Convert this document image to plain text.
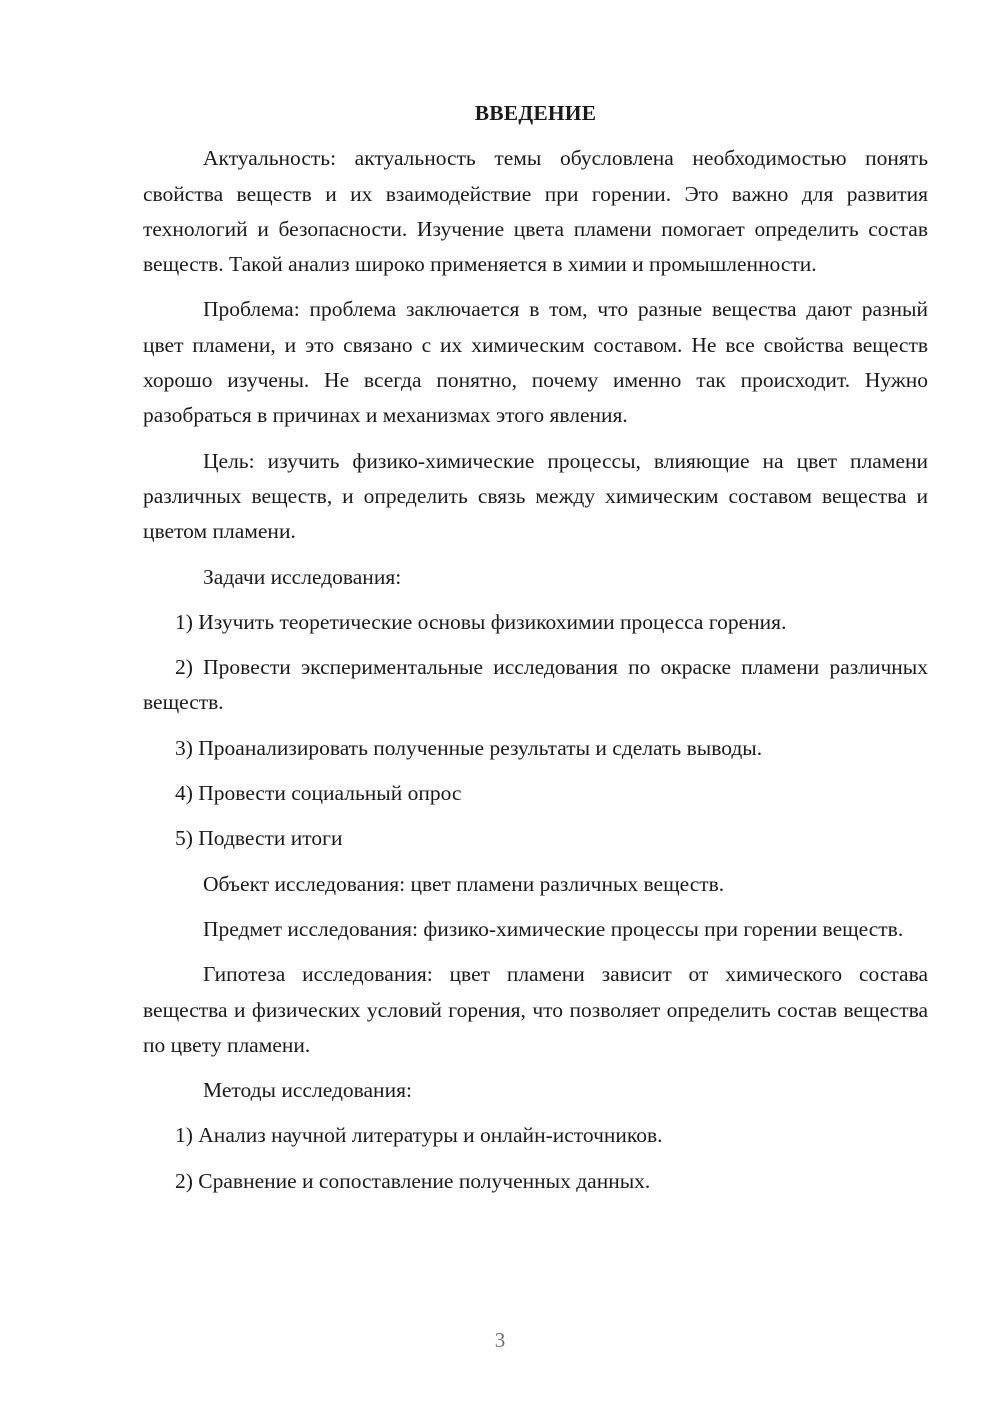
ВВЕДЕНИЕ

Актуальность: актуальность темы обусловлена необходимостью понять свойства веществ и их взаимодействие при горении. Это важно для развития технологий и безопасности. Изучение цвета пламени помогает определить состав веществ. Такой анализ широко применяется в химии и промышленности.

Проблема: проблема заключается в том, что разные вещества дают разный цвет пламени, и это связано с их химическим составом. Не все свойства веществ хорошо изучены. Не всегда понятно, почему именно так происходит. Нужно разобраться в причинах и механизмах этого явления.

Цель: изучить физико-химические процессы, влияющие на цвет пламени различных веществ, и определить связь между химическим составом вещества и цветом пламени.

Задачи исследования:

1) Изучить теоретические основы физикохимии процесса горения.

2) Провести экспериментальные исследования по окраске пламени различных веществ.

3) Проанализировать полученные результаты и сделать выводы.

4) Провести социальный опрос

5) Подвести итоги

Объект исследования: цвет пламени различных веществ.

Предмет исследования: физико-химические процессы при горении веществ.

Гипотеза исследования: цвет пламени зависит от химического состава вещества и физических условий горения, что позволяет определить состав вещества по цвету пламени.

Методы исследования:

1) Анализ научной литературы и онлайн-источников.

2) Сравнение и сопоставление полученных данных.

3
